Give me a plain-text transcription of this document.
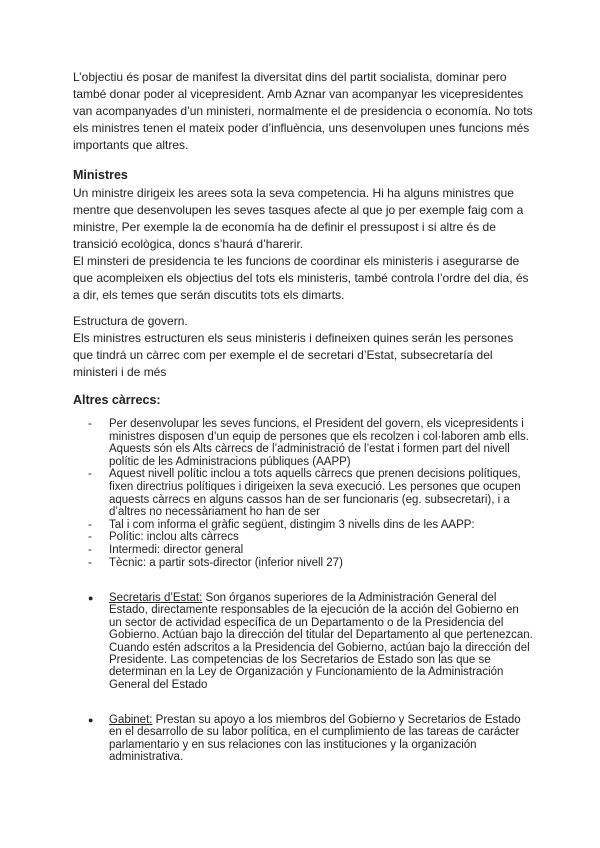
L’objectiu és posar de manifest la diversitat dins del partit socialista, dominar pero també donar poder al vicepresident. Amb Aznar van acompanyar les vicepresidentes van acompanyades d’un ministeri, normalmente el de presidencia o economía. No tots els ministres tenen el mateix poder d’influència, uns desenvolupen unes funcions més importants que altres.

Ministres

Un ministre dirigeix les arees sota la seva competencia. Hi ha alguns ministres que mentre que desenvolupen les seves tasques afecte al que jo per exemple faig com a ministre, Per exemple la de economía ha de definir el pressupost i si altre és de transició ecològica, doncs s’haurá d’harerir.

El minsteri de presidencia te les funcions de coordinar els ministeris i asegurarse de que acompleixen els objectius del tots els ministeris, també controla l’ordre del dia, és a dir, els temes que serán discutits tots els dimarts.

Estructura de govern.

Els ministres estructuren els seus ministeris i defineixen quines serán les persones que tindrá un càrrec com per exemple el de secretari d’Estat, subsecretaría del ministeri i de més

Altres càrrecs:

- Per desenvolupar les seves funcions, el President del govern, els vicepresidents i ministres disposen d’un equip de persones que els recolzen i col·laboren amb ells. Aquests són els Alts càrrecs de l’administració de l’estat i formen part del nivell polític de les Administracions públiques (AAPP)
- Aquest nivell polític inclou a tots aquells càrrecs que prenen decisions polítiques, fixen directrius polítiques i dirigeixen la seva execució. Les persones que ocupen aquests càrrecs en alguns cassos han de ser funcionaris (eg. subsecretari), i a d’altres no necessàriament ho han de ser
- Tal i com informa el gràfic següent, distingim 3 nivells dins de les AAPP:
- Polític: inclou alts càrrecs
- Intermedi: director general
- Tècnic: a partir sots-director (inferior nivell 27)
● Secretaris d’Estat: Son órganos superiores de la Administración General del Estado, directamente responsables de la ejecución de la acción del Gobierno en un sector de actividad específica de un Departamento o de la Presidencia del Gobierno. Actúan bajo la dirección del titular del Departamento al que pertenezcan. Cuando estén adscritos a la Presidencia del Gobierno, actúan bajo la dirección del Presidente. Las competencias de los Secretarios de Estado son las que se determinan en la Ley de Organización y Funcionamiento de la Administración General del Estado
● Gabinet: Prestan su apoyo a los miembros del Gobierno y Secretarios de Estado en el desarrollo de su labor política, en el cumplimiento de las tareas de carácter parlamentario y en sus relaciones con las instituciones y la organización administrativa.
